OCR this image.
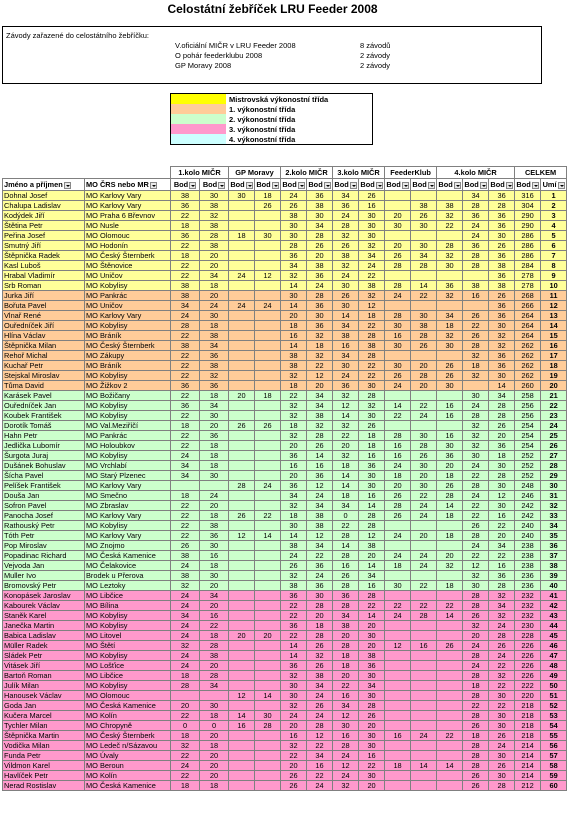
Celostátní žebříček LRU Feeder 2008
Závody zařazené do celostátního žebříčku:
V.oficiální MIČR v LRU Feeder 2008	8 závodů
O pohár feederklubu 2008	2 závody
GP Moravy 2008	2 závody
Mistrovská výkonostní třída
1. výkonostní třída
2. výkonostní třída
3. výkonostní třída
4. výkonostní třída
		1.kolo MIČR		GP Moravy		2.kolo MIČR		3.kolo MIČR		FeederKlub		4.kolo MIČR			CELKEM	
Jméno a příjmen	MO ČRS nebo MR	Bod	Bod	Bod	Bod	Bod	Bod	Bod	Bod	Bod	Bod	Bod	Bod	Bod	Bod	Umí
Dohnal Josef	MO Karlovy Vary	38	30	30	18	24	36	34	26				34	36	316	1
Chalupa Ladislav	MO Karlovy Vary	36	38		26	26	38	36	16		38	38	28	28	304	2
Kodýdek Jiří	MO Praha 6 Břevnov	22	32			38	30	24	30	20	26	32	36	36	290	3
Štětina Petr	MO Nusle	18	38			30	34	28	30	30	30	22	24	36	290	4
Peřina Josef	MO Olomouc	36	28	18	30	30	28	32	30				24	30	286	5
Smutný Jiří	MO Hodonín	22	38			28	26	26	32	20	30	28	36	26	286	6
Štěpnička Radek	MO Český Šternberk	18	20			36	20	38	34	26	34	32	28	36	286	7
Kasl Luboš	MO Štěnovice	22	20			34	38	32	24	28	28	30	28	38	284	8
Hrabal Vladimír	MO Uničov	22	34	24	12	32	36	24	22					36	278	9
Srb Roman	MO Kobylisy	38	18			14	24	30	38	28	14	36	38	38	278	10
Jurka Jiří	MO Pankrác	38	20			30	28	26	32	24	22	32	16	26	268	11
Bořuta Pavel	MO Uničov	34	24	24	24	14	36	30	12					36	266	12
Vlnař René	MO Karlovy Vary	24	30			20	30	14	18	28	30	34	26	36	264	13
Ouředníček Jiří	MO Kobylisy	28	18			18	36	34	22	30	38	18	22	30	264	14
Hlína Václav	MO Bráník	22	38			16	32	38	28	16	28	32	26	32	264	15
Štěpnička Milan	MO Český Šternberk	38	34			14	18	16	38	30	26	30	28	32	262	16
Rehoř Michal	MO Zákupy	22	36			38	32	34	28				32	36	262	17
Kuchař Petr	MO Bráník	22	38			38	22	30	22	30	20	26	18	36	262	18
Stejskal Miroslav	MO Kobylisy	22	32			32	12	24	22	26	28	26	32	30	262	19
Tůma David	MO Žižkov 2	36	36			18	20	36	30	24	20	30		14	260	20
Karásek Pavel	MO Božičany	22	18	20	18	22	34	32	28				30	34	258	21
Ouředníček Jan	MO Kobylisy	36	34			32	34	12	32	14	22	16	24	28	256	22
Koubek František	MO Kobylisy	22	30			32	38	14	30	22	24	16	28	28	256	23
Dorotík Tomáš	MO Val.Meziříčí	18	20	26	26	18	32	32	26				32	26	254	24
Hahn Petr	MO Pankrác	22	36			32	28	22	18	28	30	16	32	20	254	25
Jedlička Lubomír	MO Holoubkov	22	18			20	26	20	18	16	28	30	32	36	254	26
Šurgota Juraj	MO Kobylisy	24	18			36	14	32	16	16	26	36	30	18	252	27
Dušánek Bohuslav	MO Vrchlabí	34	18			16	16	18	36	24	30	20	24	30	252	28
Šícha Pavel	MO Starý Plzenec	34	30			20	36	14	30	18	20	18	22	28	252	29
Pelíšek František	MO Karlovy Vary			28	24	36	12	14	30	20	30	26	28	30	248	30
Douša Jan	MO Smečno	18	24			34	24	18	16	26	22	28	24	12	246	31
Sofron Pavel	MO Zbraslav	22	20			32	34	34	14	28	24	14	22	30	242	32
Panocha Josef	MO Karlovy Vary	22	18	26	22	18	38	0	28	26	24	18	22	16	242	33
Rathouský Petr	MO Kobylisy	22	38			30	38	22	28				26	22	240	34
Tóth Petr	MO Karlovy Vary	22	36	12	14	14	12	28	12	24	20	18	28	20	240	35
Pop Miroslav	MO Znojmo	26	30			38	34	14	38				24	34	238	36
Popadinac Richard	MO Česká Kamenice	38	16			24	22	28	20	24	24	20	22	22	238	37
Vejvoda Jan	MO Čelakovice	24	18			26	36	16	14	18	24	32	12	16	238	38
Muller Ivo	Brodek u Přerova	38	30			32	24	26	34				32	36	236	39
Bromovský Petr	MO Leztoky	32	20			38	36	28	16	30	22	18	30	28	236	40
Konopásek Jaroslav	MO Libčice	24	34			36	30	36	28				28	32	232	41
Kabourek Václav	MO Bílina	24	20			22	28	28	22	22	22	22	28	34	232	42
Staněk Karel	MO Kobylisy	34	16			22	20	34	14	24	28	14	26	32	232	43
Janečka Martin	MO Kobylisy	24	22			36	18	38	20				32	24	230	44
Babica Ladislav	MO Litovel	24	18	20	20	22	28	20	30				20	28	228	45
Müller Radek	MO Štětí	32	28			14	26	28	20	12	16	26	24	26	226	46
Sládek Petr	MO Kobylisy	24	38			14	32	18	38				28	24	226	47
Vitásek Jiří	MO Lošťice	24	20			36	26	18	36				24	22	226	48
Bartoň Roman	MO Libčice	18	28			32	38	20	30				28	32	226	49
Julík Milan	MO Kobylisy	28	34			30	34	22	34				18	22	222	50
Hanousek Václav	MO Olomouc			12	14	30	24	16	30				28	30	220	51
Goda Jan	MO Česká Kamenice	20	30			32	26	34	28				22	22	218	52
Kučera Marcel	MO Kolín	22	18	14	30	24	24	12	26				28	30	218	53
Tychler Milan	MO Chropyně	0	0	16	28	20	28	30	20				26	30	218	54
Štěpnička Martin	MO Český Šternberk	18	20			16	12	16	30	16	24	22	18	26	218	55
Vodička Milan	MO Ledeč n/Sázavou	32	18			32	22	28	30				28	24	214	56
Funda Petr	MO Úvaly	22	20			22	34	24	16				28	30	214	57
Vildmon Karel	MO Beroun	24	20			20	16	12	22	18	14	14	28	26	214	58
Havlíček Petr	MO Kolín	22	20			26	22	24	30				26	30	214	59
Nerad Rostislav	MO Česká Kamenice	18	18			26	24	32	20				26	28	212	60
